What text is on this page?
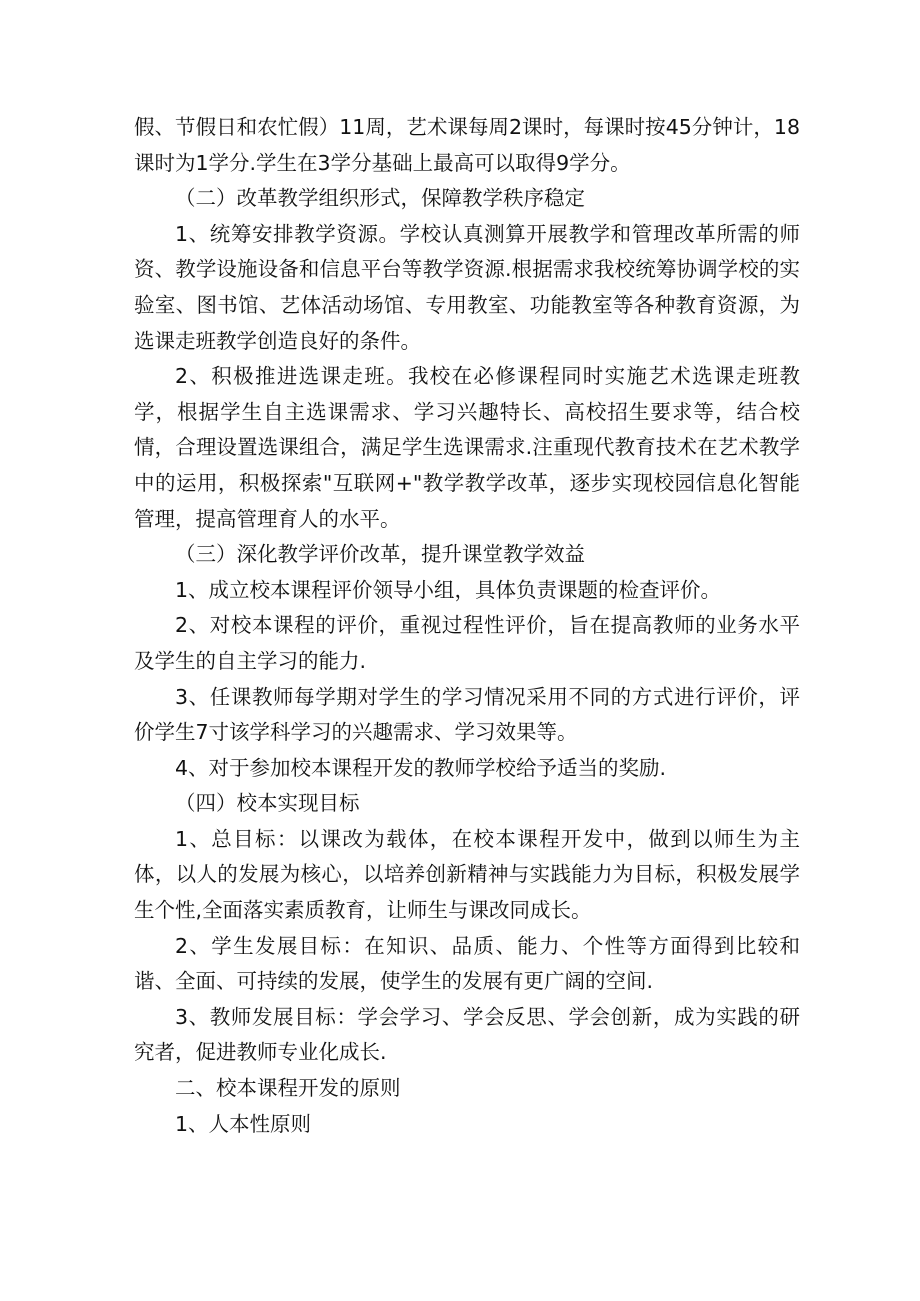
假、节假日和农忙假）11周，艺术课每周2课时，每课时按45分钟计，18课时为1学分.学生在3学分基础上最高可以取得9学分。

（二）改革教学组织形式，保障教学秩序稳定

1、统筹安排教学资源。学校认真测算开展教学和管理改革所需的师资、教学设施设备和信息平台等教学资源.根据需求我校统筹协调学校的实验室、图书馆、艺体活动场馆、专用教室、功能教室等各种教育资源，为选课走班教学创造良好的条件。

2、积极推进选课走班。我校在必修课程同时实施艺术选课走班教学，根据学生自主选课需求、学习兴趣特长、高校招生要求等，结合校情，合理设置选课组合，满足学生选课需求.注重现代教育技术在艺术教学中的运用，积极探索"互联网+"教学教学改革，逐步实现校园信息化智能管理，提高管理育人的水平。

（三）深化教学评价改革，提升课堂教学效益

1、成立校本课程评价领导小组，具体负责课题的检查评价。

2、对校本课程的评价，重视过程性评价，旨在提高教师的业务水平及学生的自主学习的能力.

3、任课教师每学期对学生的学习情况采用不同的方式进行评价，评价学生7寸该学科学习的兴趣需求、学习效果等。

4、对于参加校本课程开发的教师学校给予适当的奖励.

（四）校本实现目标

1、总目标：以课改为载体，在校本课程开发中，做到以师生为主体，以人的发展为核心，以培养创新精神与实践能力为目标，积极发展学生个性,全面落实素质教育，让师生与课改同成长。

2、学生发展目标：在知识、品质、能力、个性等方面得到比较和谐、全面、可持续的发展，使学生的发展有更广阔的空间.

3、教师发展目标：学会学习、学会反思、学会创新，成为实践的研究者，促进教师专业化成长.

二、校本课程开发的原则

1、人本性原则
